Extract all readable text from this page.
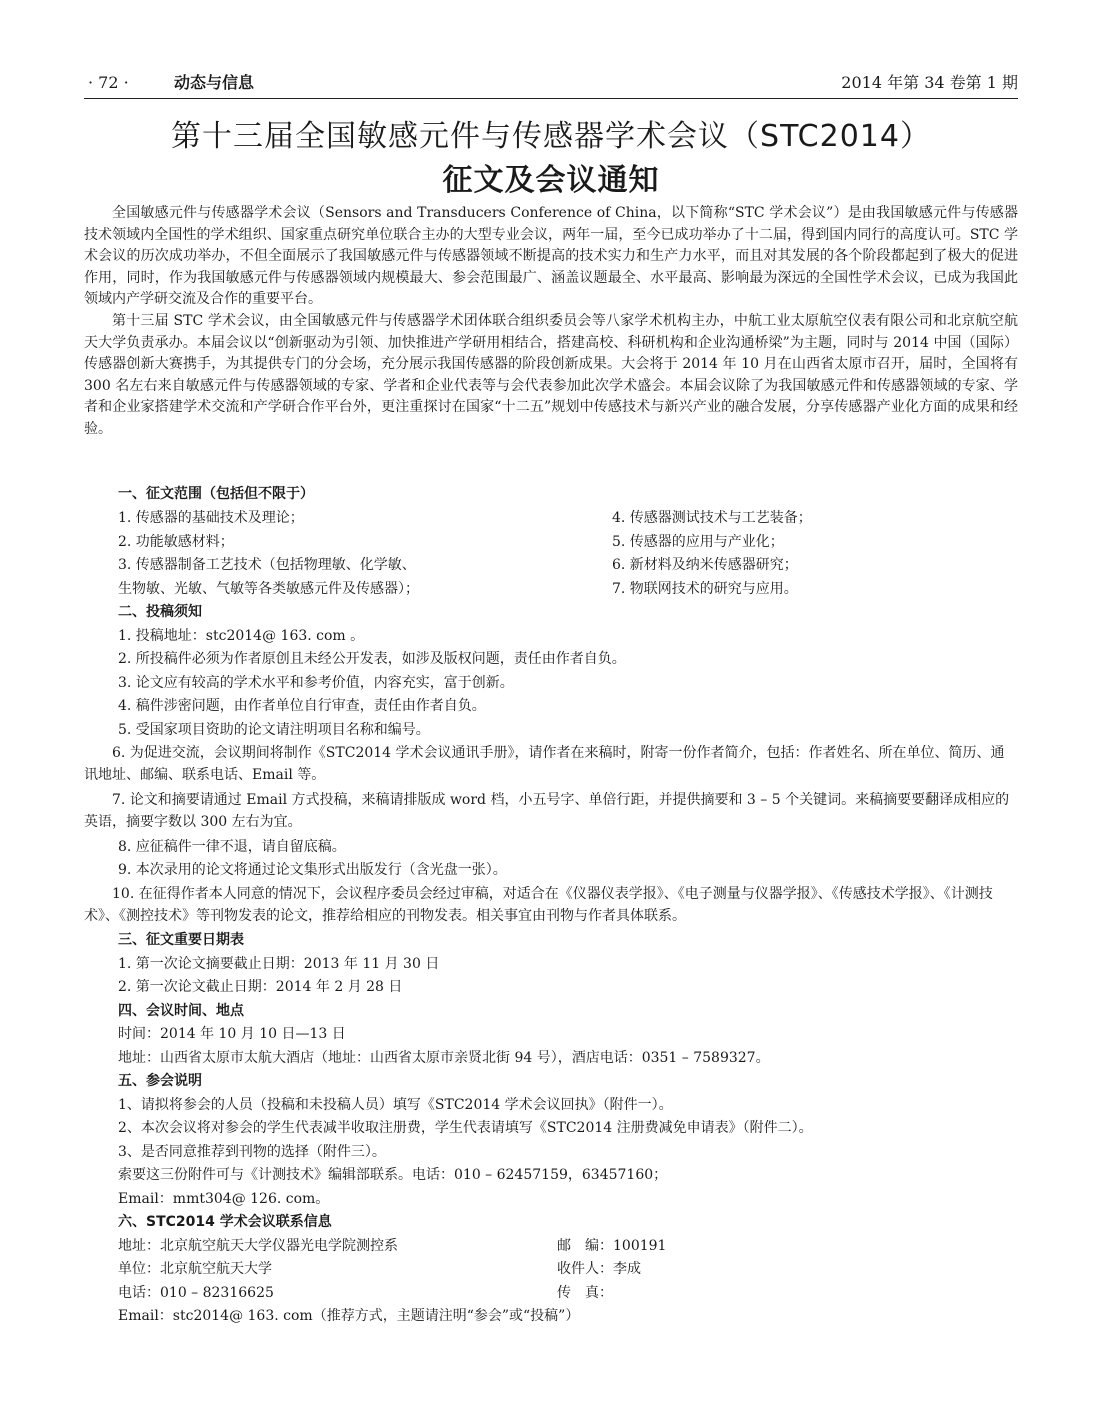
· 72 ·	动态与信息	2014 年第 34 卷第 1 期
第十三届全国敏感元件与传感器学术会议（STC2014）
征文及会议通知

全国敏感元件与传感器学术会议（Sensors and Transducers Conference of China，以下简称“STC 学术会议”）是由我国敏感元件与传感器技术领域内全国性的学术组织、国家重点研究单位联合主办的大型专业会议，两年一届，至今已成功举办了十二届，得到国内同行的高度认可。STC 学术会议的历次成功举办，不但全面展示了我国敏感元件与传感器领域不断提高的技术实力和生产力水平，而且对其发展的各个阶段都起到了极大的促进作用，同时，作为我国敏感元件与传感器领域内规模最大、参会范围最广、涵盖议题最全、水平最高、影响最为深远的全国性学术会议，已成为我国此领域内产学研交流及合作的重要平台。

第十三届 STC 学术会议，由全国敏感元件与传感器学术团体联合组织委员会等八家学术机构主办，中航工业太原航空仪表有限公司和北京航空航天大学负责承办。本届会议以“创新驱动为引领、加快推进产学研用相结合，搭建高校、科研机构和企业沟通桥梁”为主题，同时与 2014 中国（国际）传感器创新大赛携手，为其提供专门的分会场，充分展示我国传感器的阶段创新成果。大会将于 2014 年 10 月在山西省太原市召开，届时，全国将有 300 名左右来自敏感元件与传感器领域的专家、学者和企业代表等与会代表参加此次学术盛会。本届会议除了为我国敏感元件和传感器领域的专家、学者和企业家搭建学术交流和产学研合作平台外，更注重探讨在国家“十二五”规划中传感技术与新兴产业的融合发展，分享传感器产业化方面的成果和经验。

一、征文范围（包括但不限于）
1. 传感器的基础技术及理论；
2. 功能敏感材料；
3. 传感器制备工艺技术（包括物理敏、化学敏、
生物敏、光敏、气敏等各类敏感元件及传感器）；
4. 传感器测试技术与工艺装备；
5. 传感器的应用与产业化；
6. 新材料及纳米传感器研究；
7. 物联网技术的研究与应用。
二、投稿须知
1. 投稿地址：stc2014@ 163. com 。
2. 所投稿件必须为作者原创且未经公开发表，如涉及版权问题，责任由作者自负。
3. 论文应有较高的学术水平和参考价值，内容充实，富于创新。
4. 稿件涉密问题，由作者单位自行审查，责任由作者自负。
5. 受国家项目资助的论文请注明项目名称和编号。

6. 为促进交流，会议期间将制作《STC2014 学术会议通讯手册》，请作者在来稿时，附寄一份作者简介，包括：作者姓名、所在单位、简历、通讯地址、邮编、联系电话、Email 等。

7. 论文和摘要请通过 Email 方式投稿，来稿请排版成 word 档，小五号字、单倍行距，并提供摘要和 3 – 5 个关键词。来稿摘要要翻译成相应的英语，摘要字数以 300 左右为宜。

8. 应征稿件一律不退，请自留底稿。
9. 本次录用的论文将通过论文集形式出版发行（含光盘一张）。

10. 在征得作者本人同意的情况下，会议程序委员会经过审稿，对适合在《仪器仪表学报》、《电子测量与仪器学报》、《传感技术学报》、《计测技术》、《测控技术》等刊物发表的论文，推荐给相应的刊物发表。相关事宜由刊物与作者具体联系。

三、征文重要日期表
1. 第一次论文摘要截止日期：2013 年 11 月 30 日
2. 第一次论文截止日期：2014 年 2 月 28 日
四、会议时间、地点
时间：2014 年 10 月 10 日—13 日
地址：山西省太原市太航大酒店（地址：山西省太原市亲贤北街 94 号），酒店电话：0351 – 7589327。
五、参会说明
1、请拟将参会的人员（投稿和未投稿人员）填写《STC2014 学术会议回执》（附件一）。
2、本次会议将对参会的学生代表减半收取注册费，学生代表请填写《STC2014 注册费减免申请表》（附件二）。
3、是否同意推荐到刊物的选择（附件三）。
索要这三份附件可与《计测技术》编辑部联系。电话：010 – 62457159，63457160；
Email：mmt304@ 126. com。
六、STC2014 学术会议联系信息
地址：北京航空航天大学仪器光电学院测控系
单位：北京航空航天大学
电话：010 – 82316625
邮　编：100191
收件人：李成
传　真：
Email：stc2014@ 163. com（推荐方式，主题请注明“参会”或“投稿”）
